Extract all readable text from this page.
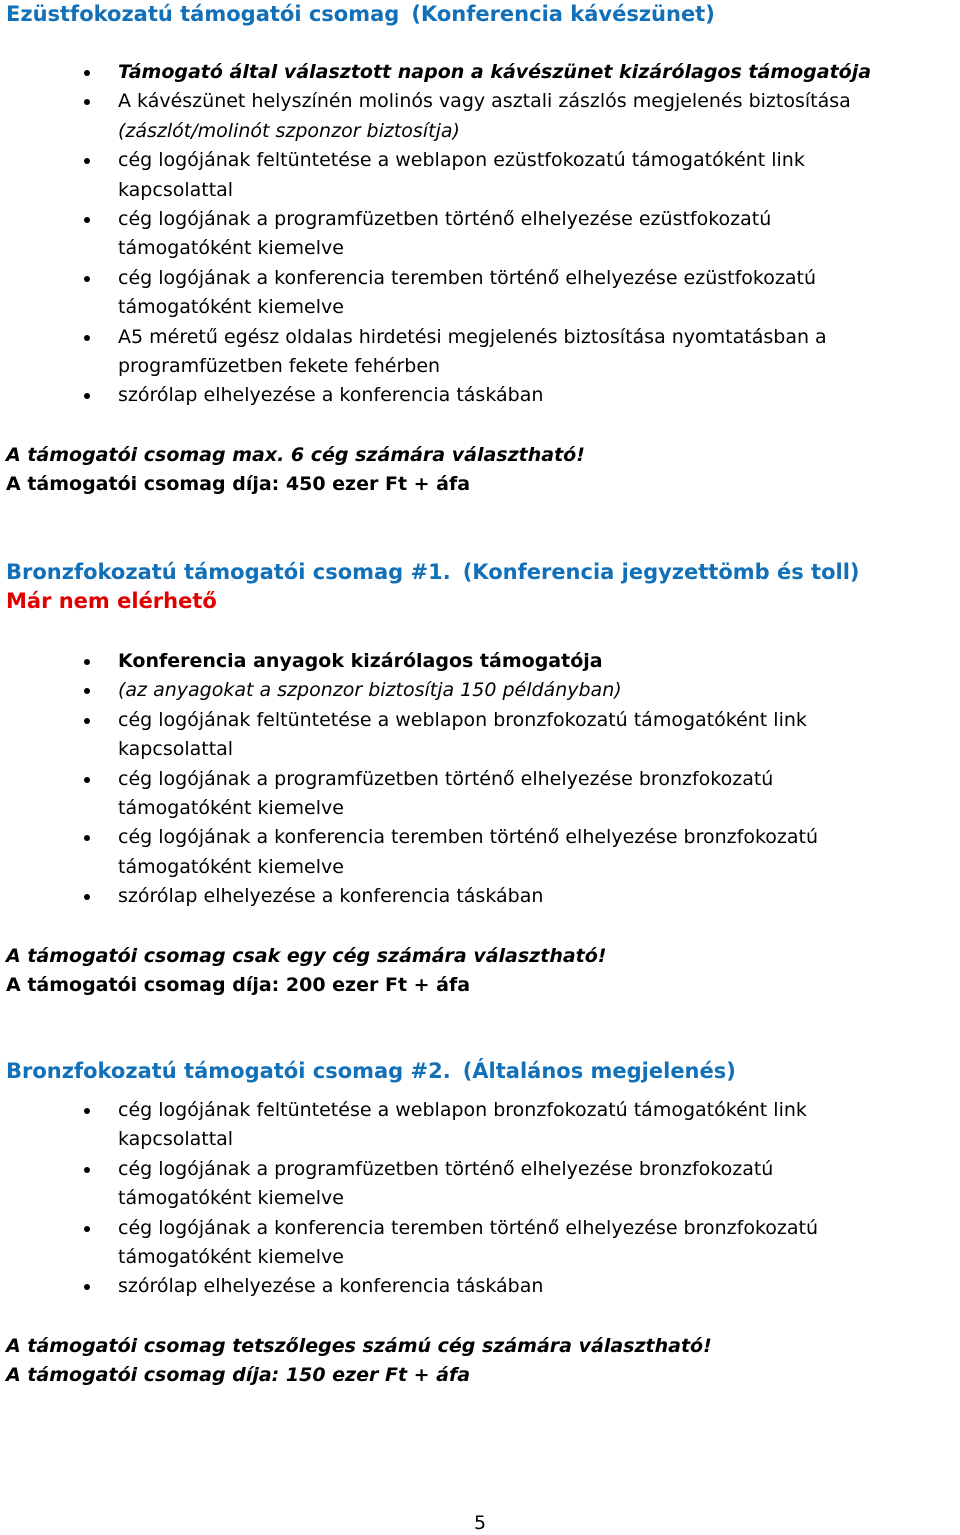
Ezüstfokozatú támogatói csomag (Konferencia kávészünet)

Támogató által választott napon a kávészünet kizárólagos támogatója
A kávészünet helyszínén molinós vagy asztali zászlós megjelenés biztosítása
(zászlót/molinót szponzor biztosítja)
cég logójának feltüntetése a weblapon ezüstfokozatú támogatóként link kapcsolattal
cég logójának a programfüzetben történő elhelyezése ezüstfokozatú támogatóként kiemelve
cég logójának a konferencia teremben történő elhelyezése ezüstfokozatú támogatóként kiemelve
A5 méretű egész oldalas hirdetési megjelenés biztosítása nyomtatásban a programfüzetben fekete fehérben
szórólap elhelyezése a konferencia táskában

A támogatói csomag max. 6 cég számára választható!

A támogatói csomag díja: 450 ezer Ft + áfa

Bronzfokozatú támogatói csomag #1. (Konferencia jegyzettömb és toll)

Már nem elérhető

Konferencia anyagok kizárólagos támogatója
(az anyagokat a szponzor biztosítja 150 példányban)
cég logójának feltüntetése a weblapon bronzfokozatú támogatóként link kapcsolattal
cég logójának a programfüzetben történő elhelyezése bronzfokozatú támogatóként kiemelve
cég logójának a konferencia teremben történő elhelyezése bronzfokozatú támogatóként kiemelve
szórólap elhelyezése a konferencia táskában

A támogatói csomag csak egy cég számára választható!

A támogatói csomag díja: 200 ezer Ft + áfa

Bronzfokozatú támogatói csomag #2. (Általános megjelenés)

cég logójának feltüntetése a weblapon bronzfokozatú támogatóként link kapcsolattal
cég logójának a programfüzetben történő elhelyezése bronzfokozatú támogatóként kiemelve
cég logójának a konferencia teremben történő elhelyezése bronzfokozatú támogatóként kiemelve
szórólap elhelyezése a konferencia táskában

A támogatói csomag tetszőleges számú cég számára választható!

A támogatói csomag díja: 150 ezer Ft + áfa

5
